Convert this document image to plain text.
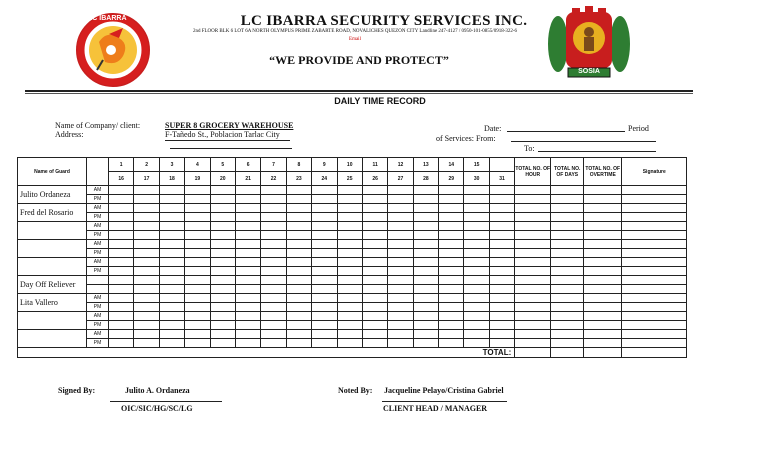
LC IBARRA
SOSIA
LC IBARRA SECURITY SERVICES INC.
2nd FLOOR BLK 6 LOT 6A NORTH OLYMPUS PRIME ZABARTE ROAD, NOVALICHES QUEZON CITY Landline 247-4127 / 0950-101-0855/0918-322-6
Email
“WE PROVIDE AND PROTECT”
DAILY TIME RECORD
Name of Company/ client:	SUPER 8 GROCERY WAREHOUSE
Address:	F-Tañedo St., Poblacion Tarlac City
Date:	Period
of Services: From:
To:
Name of Guard		1	2	3	4	5	6	7	8	9	10	11	12	13	14	15		TOTAL NO. OF HOUR	TOTAL NO. OF DAYS	TOTAL NO. OF OVERTIME	Signature
		16	17	18	19	20	21	22	23	24	25	26	27	28	29	30	31				
Julito Ordaneza	AM																				
	PM																				
Fred del Rosario	AM																				
	PM																				
	AM																				
	PM																				
	AM																				
	PM																				
	AM																				
	PM																				
Day Off Reliever																					

Lita Vallero	AM																				
	PM																				
	AM																				
	PM																				
	AM																				
	PM																				
TOTAL:																					
Signed By:	Julito A. Ordaneza
OIC/SIC/HG/SC/LG
Noted By: Jacqueline Pelayo/Cristina Gabriel
CLIENT HEAD / MANAGER
